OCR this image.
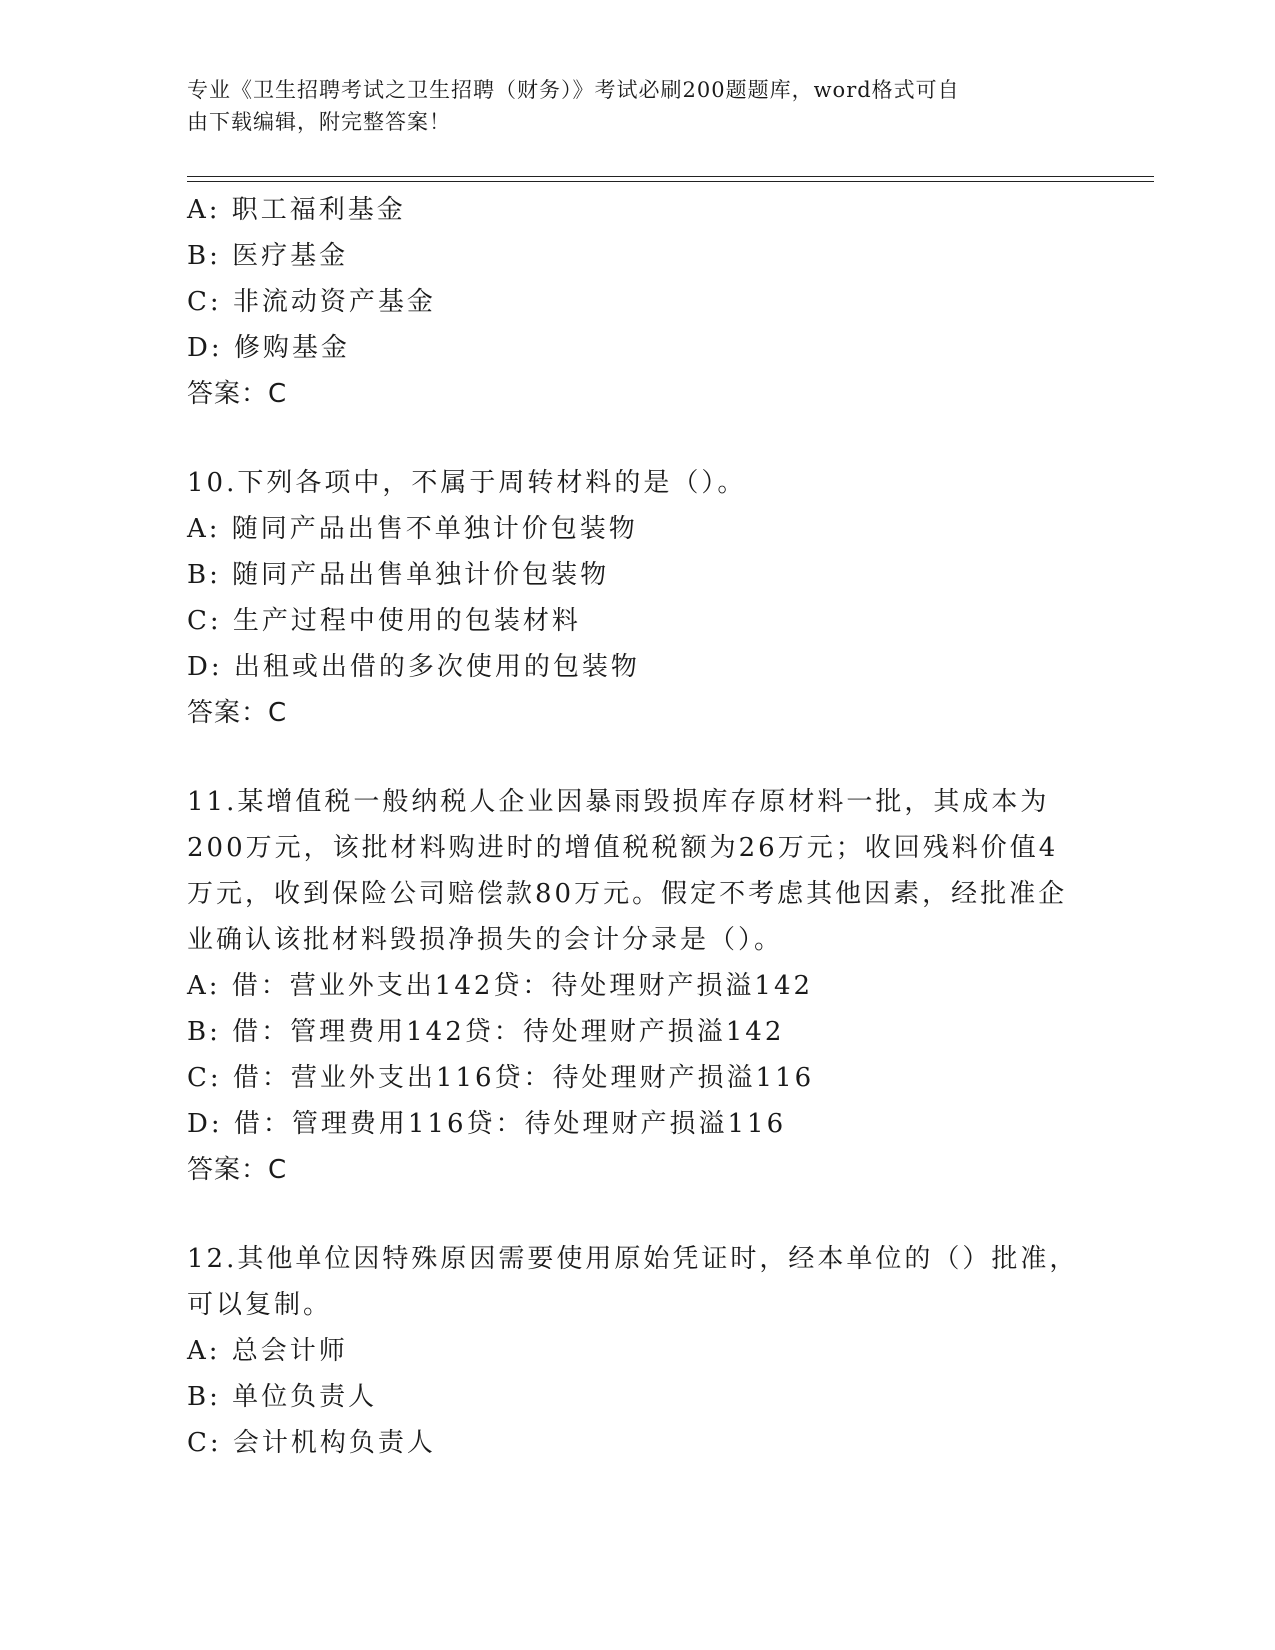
专业《卫生招聘考试之卫生招聘（财务）》考试必刷200题题库，word格式可自
由下载编辑，附完整答案！
A: 职工福利基金
B: 医疗基金
C: 非流动资产基金
D: 修购基金
答案：C
10.下列各项中，不属于周转材料的是（）。
A: 随同产品出售不单独计价包装物
B: 随同产品出售单独计价包装物
C: 生产过程中使用的包装材料
D: 出租或出借的多次使用的包装物
答案：C
11.某增值税一般纳税人企业因暴雨毁损库存原材料一批，其成本为
200万元，该批材料购进时的增值税税额为26万元；收回残料价值4
万元，收到保险公司赔偿款80万元。假定不考虑其他因素，经批准企
业确认该批材料毁损净损失的会计分录是（）。
A: 借：营业外支出142贷：待处理财产损溢142
B: 借：管理费用142贷：待处理财产损溢142
C: 借：营业外支出116贷：待处理财产损溢116
D: 借：管理费用116贷：待处理财产损溢116
答案：C
12.其他单位因特殊原因需要使用原始凭证时，经本单位的（）批准，
可以复制。
A: 总会计师
B: 单位负责人
C: 会计机构负责人
